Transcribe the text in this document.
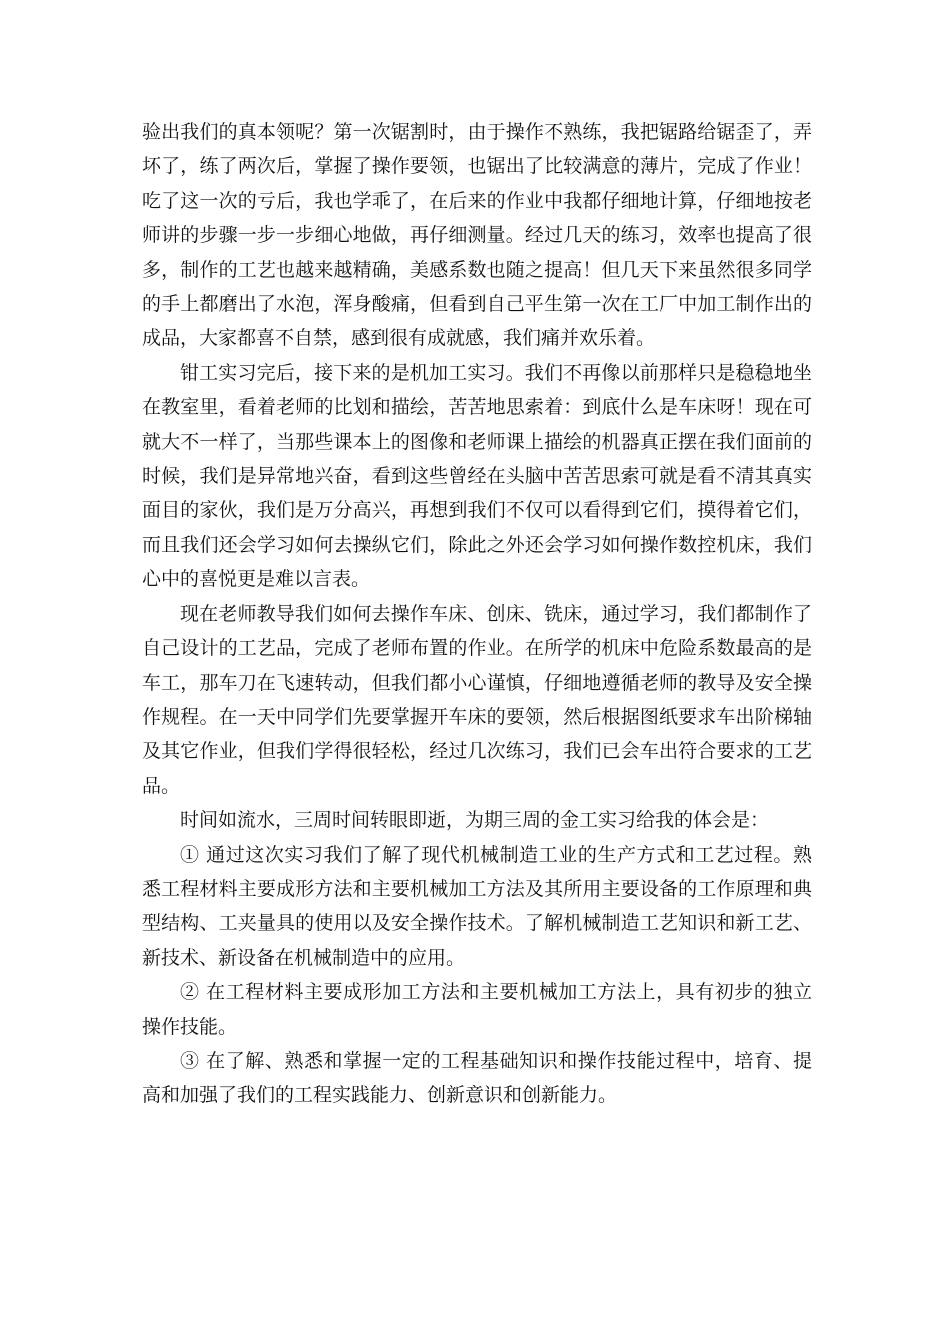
验出我们的真本领呢？第一次锯割时，由于操作不熟练，我把锯路给锯歪了，弄坏了，练了两次后，掌握了操作要领，也锯出了比较满意的薄片，完成了作业！ 吃了这一次的亏后，我也学乖了，在后来的作业中我都仔细地计算，仔细地按老师讲的步骤一步一步细心地做，再仔细测量。经过几天的练习，效率也提高了很多，制作的工艺也越来越精确，美感系数也随之提高！但几天下来虽然很多同学的手上都磨出了水泡，浑身酸痛，但看到自己平生第一次在工厂中加工制作出的成品，大家都喜不自禁，感到很有成就感，我们痛并欢乐着。

钳工实习完后，接下来的是机加工实习。我们不再像以前那样只是稳稳地坐在教室里，看着老师的比划和描绘，苦苦地思索着：到底什么是车床呀！现在可就大不一样了，当那些课本上的图像和老师课上描绘的机器真正摆在我们面前的时候，我们是异常地兴奋，看到这些曾经在头脑中苦苦思索可就是看不清其真实面目的家伙，我们是万分高兴，再想到我们不仅可以看得到它们，摸得着它们，而且我们还会学习如何去操纵它们，除此之外还会学习如何操作数控机床，我们心中的喜悦更是难以言表。

现在老师教导我们如何去操作车床、创床、铣床，通过学习，我们都制作了自己设计的工艺品，完成了老师布置的作业。在所学的机床中危险系数最高的是车工，那车刀在飞速转动，但我们都小心谨慎，仔细地遵循老师的教导及安全操作规程。在一天中同学们先要掌握开车床的要领，然后根据图纸要求车出阶梯轴及其它作业，但我们学得很轻松，经过几次练习，我们已会车出符合要求的工艺品。

时间如流水，三周时间转眼即逝，为期三周的金工实习给我的体会是：

① 通过这次实习我们了解了现代机械制造工业的生产方式和工艺过程。熟悉工程材料主要成形方法和主要机械加工方法及其所用主要设备的工作原理和典型结构、工夹量具的使用以及安全操作技术。了解机械制造工艺知识和新工艺、新技术、新设备在机械制造中的应用。

② 在工程材料主要成形加工方法和主要机械加工方法上，具有初步的独立操作技能。

③ 在了解、熟悉和掌握一定的工程基础知识和操作技能过程中，培育、提高和加强了我们的工程实践能力、创新意识和创新能力。
